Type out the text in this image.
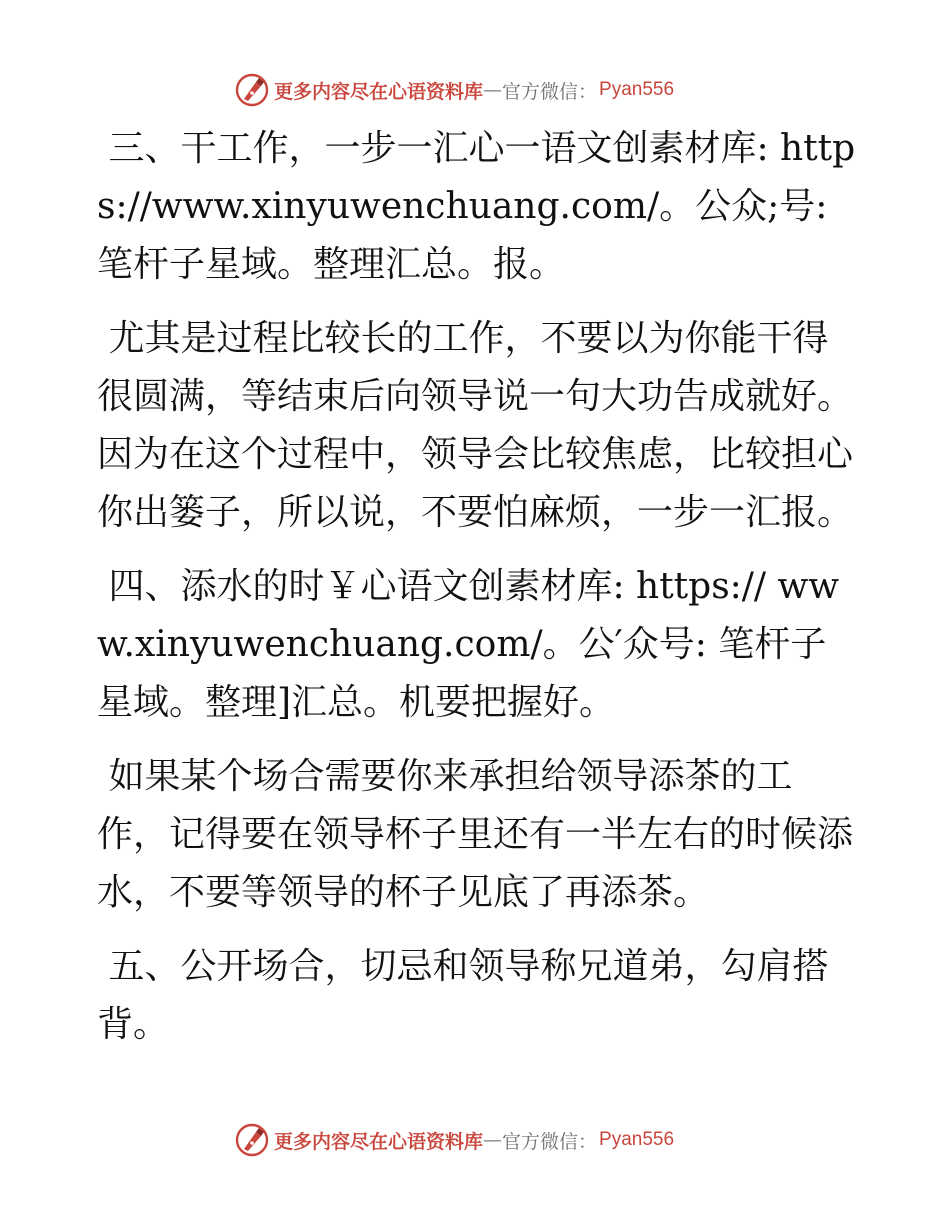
更多内容尽在心语资料库 — 官方微信： Pyan556

三、干工作，一步一汇心一语文创素材库: https://www.xinyuwenchuang.com/。公众;号: 笔杆子星域。整理汇总。报。

尤其是过程比较长的工作，不要以为你能干得很圆满，等结束后向领导说一句大功告成就好。因为在这个过程中，领导会比较焦虑，比较担心你出篓子，所以说，不要怕麻烦，一步一汇报。

四、添水的时￥心语文创素材库: https:// www.xinyuwenchuang.com/。公′众号: 笔杆子星域。整理]汇总。机要把握好。

如果某个场合需要你来承担给领导添茶的工作，记得要在领导杯子里还有一半左右的时候添水，不要等领导的杯子见底了再添茶。

五、公开场合，切忌和领导称兄道弟，勾肩搭背。

更多内容尽在心语资料库 — 官方微信： Pyan556
